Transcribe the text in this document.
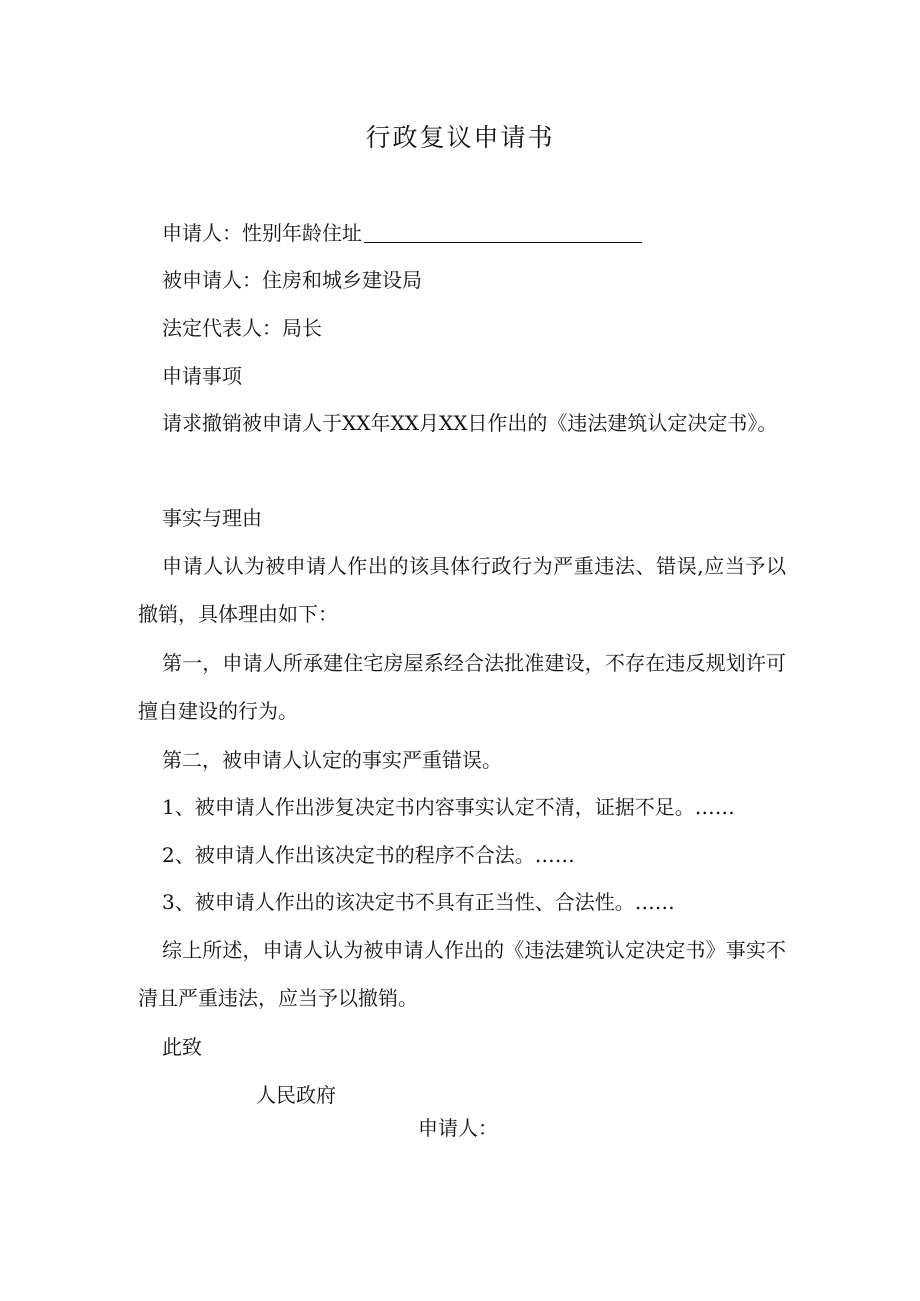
行政复议申请书
申请人：性别年龄住址
被申请人：住房和城乡建设局
法定代表人：局长
申请事项

请求撤销被申请人于XX年XX月XX日作出的《违法建筑认定决定书》。

事实与理由

申请人认为被申请人作出的该具体行政行为严重违法、错误,应当予以撤销，具体理由如下：

第一，申请人所承建住宅房屋系经合法批准建设，不存在违反规划许可擅自建设的行为。

第二，被申请人认定的事实严重错误。
1、被申请人作出涉复决定书内容事实认定不清，证据不足。……
2、被申请人作出该决定书的程序不合法。……
3、被申请人作出的该决定书不具有正当性、合法性。……

综上所述，申请人认为被申请人作出的《违法建筑认定决定书》事实不清且严重违法，应当予以撤销。

此致
人民政府
申请人：
